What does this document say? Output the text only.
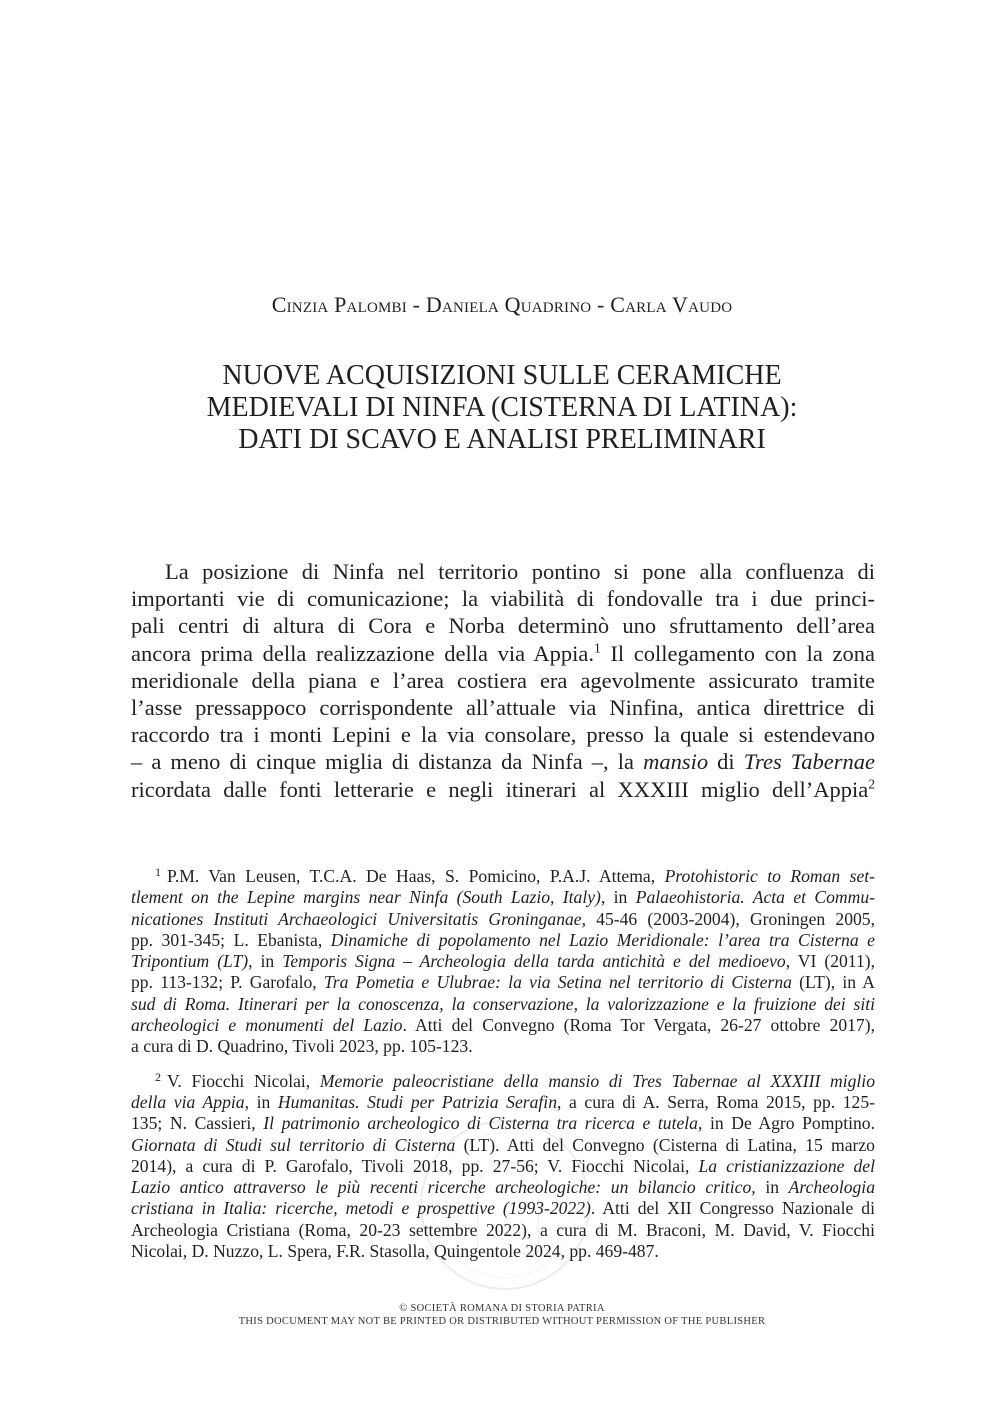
Cinzia Palombi - Daniela Quadrino - Carla Vaudo
NUOVE ACQUISIZIONI SULLE CERAMICHE
MEDIEVALI DI NINFA (CISTERNA DI LATINA):
DATI DI SCAVO E ANALISI PRELIMINARI
La posizione di Ninfa nel territorio pontino si pone alla confluenza di
importanti vie di comunicazione; la viabilità di fondovalle tra i due princi-
pali centri di altura di Cora e Norba determinò uno sfruttamento dell’area
ancora prima della realizzazione della via Appia.$^1$ Il collegamento con la zona
meridionale della piana e l’area costiera era agevolmente assicurato tramite
l’asse pressappoco corrispondente all’attuale via Ninfina, antica direttrice di
raccordo tra i monti Lepini e la via consolare, presso la quale si estendevano
– a meno di cinque miglia di distanza da Ninfa –, la mansio di Tres Tabernae
ricordata dalle fonti letterarie e negli itinerari al XXXIII miglio dell’Appia$^2$
$^1$ P.M. Van Leusen, T.C.A. De Haas, S. Pomicino, P.A.J. Attema, Protohistoric to Roman set-
tlement on the Lepine margins near Ninfa (South Lazio, Italy), in Palaeohistoria. Acta et Commu-
nicationes Instituti Archaeologici Universitatis Groninganae, 45-46 (2003-2004), Groningen 2005,
pp. 301-345; L. Ebanista, Dinamiche di popolamento nel Lazio Meridionale: l’area tra Cisterna e
Tripontium (LT), in Temporis Signa – Archeologia della tarda antichità e del medioevo, VI (2011),
pp. 113-132; P. Garofalo, Tra Pometia e Ulubrae: la via Setina nel territorio di Cisterna (LT), in A
sud di Roma. Itinerari per la conoscenza, la conservazione, la valorizzazione e la fruizione dei siti
archeologici e monumenti del Lazio. Atti del Convegno (Roma Tor Vergata, 26-27 ottobre 2017),
a cura di D. Quadrino, Tivoli 2023, pp. 105-123.
$^2$ V. Fiocchi Nicolai, Memorie paleocristiane della mansio di Tres Tabernae al XXXIII miglio
della via Appia, in Humanitas. Studi per Patrizia Serafin, a cura di A. Serra, Roma 2015, pp. 125-
135; N. Cassieri, Il patrimonio archeologico di Cisterna tra ricerca e tutela, in De Agro Pomptino.
Giornata di Studi sul territorio di Cisterna (LT). Atti del Convegno (Cisterna di Latina, 15 marzo
2014), a cura di P. Garofalo, Tivoli 2018, pp. 27-56; V. Fiocchi Nicolai, La cristianizzazione del
Lazio antico attraverso le più recenti ricerche archeologiche: un bilancio critico, in Archeologia
cristiana in Italia: ricerche, metodi e prospettive (1993-2022). Atti del XII Congresso Nazionale di
Archeologia Cristiana (Roma, 20-23 settembre 2022), a cura di M. Braconi, M. David, V. Fiocchi
Nicolai, D. Nuzzo, L. Spera, F.R. Stasolla, Quingentole 2024, pp. 469-487.
© SOCIETÀ ROMANA DI STORIA PATRIA
THIS DOCUMENT MAY NOT BE PRINTED OR DISTRIBUTED WITHOUT PERMISSION OF THE PUBLISHER
